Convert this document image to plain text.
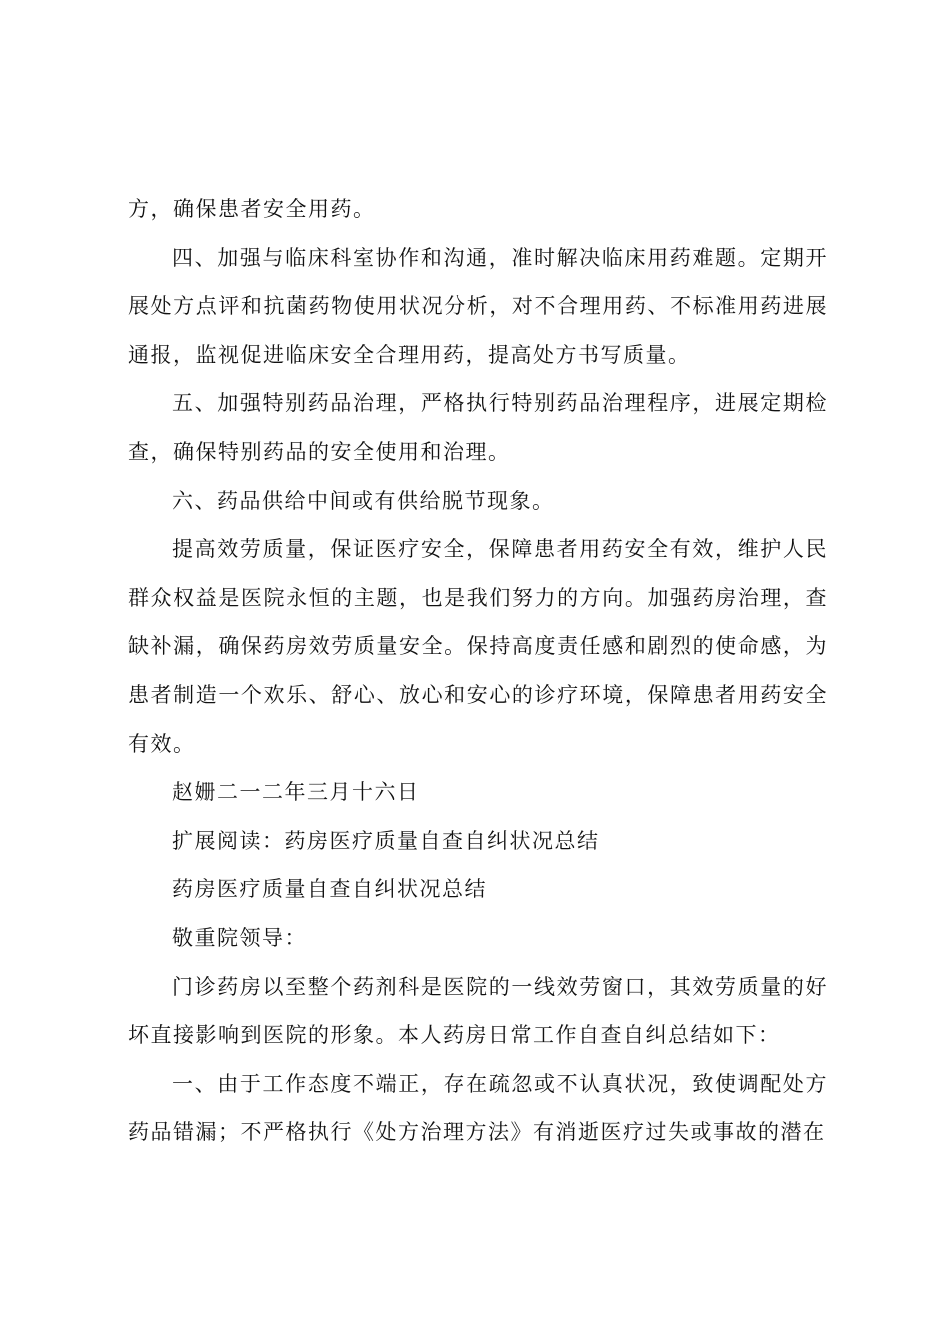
方，确保患者安全用药。

四、加强与临床科室协作和沟通，准时解决临床用药难题。定期开展处方点评和抗菌药物使用状况分析，对不合理用药、不标准用药进展通报，监视促进临床安全合理用药，提高处方书写质量。

五、加强特别药品治理，严格执行特别药品治理程序，进展定期检查，确保特别药品的安全使用和治理。

六、药品供给中间或有供给脱节现象。

提高效劳质量，保证医疗安全，保障患者用药安全有效，维护人民群众权益是医院永恒的主题，也是我们努力的方向。加强药房治理，查缺补漏，确保药房效劳质量安全。保持高度责任感和剧烈的使命感，为患者制造一个欢乐、舒心、放心和安心的诊疗环境，保障患者用药安全有效。

赵姗二一二年三月十六日

扩展阅读：药房医疗质量自查自纠状况总结

药房医疗质量自查自纠状况总结

敬重院领导：

门诊药房以至整个药剂科是医院的一线效劳窗口，其效劳质量的好坏直接影响到医院的形象。本人药房日常工作自查自纠总结如下：

一、由于工作态度不端正，存在疏忽或不认真状况，致使调配处方药品错漏；不严格执行《处方治理方法》有消逝医疗过失或事故的潜在
